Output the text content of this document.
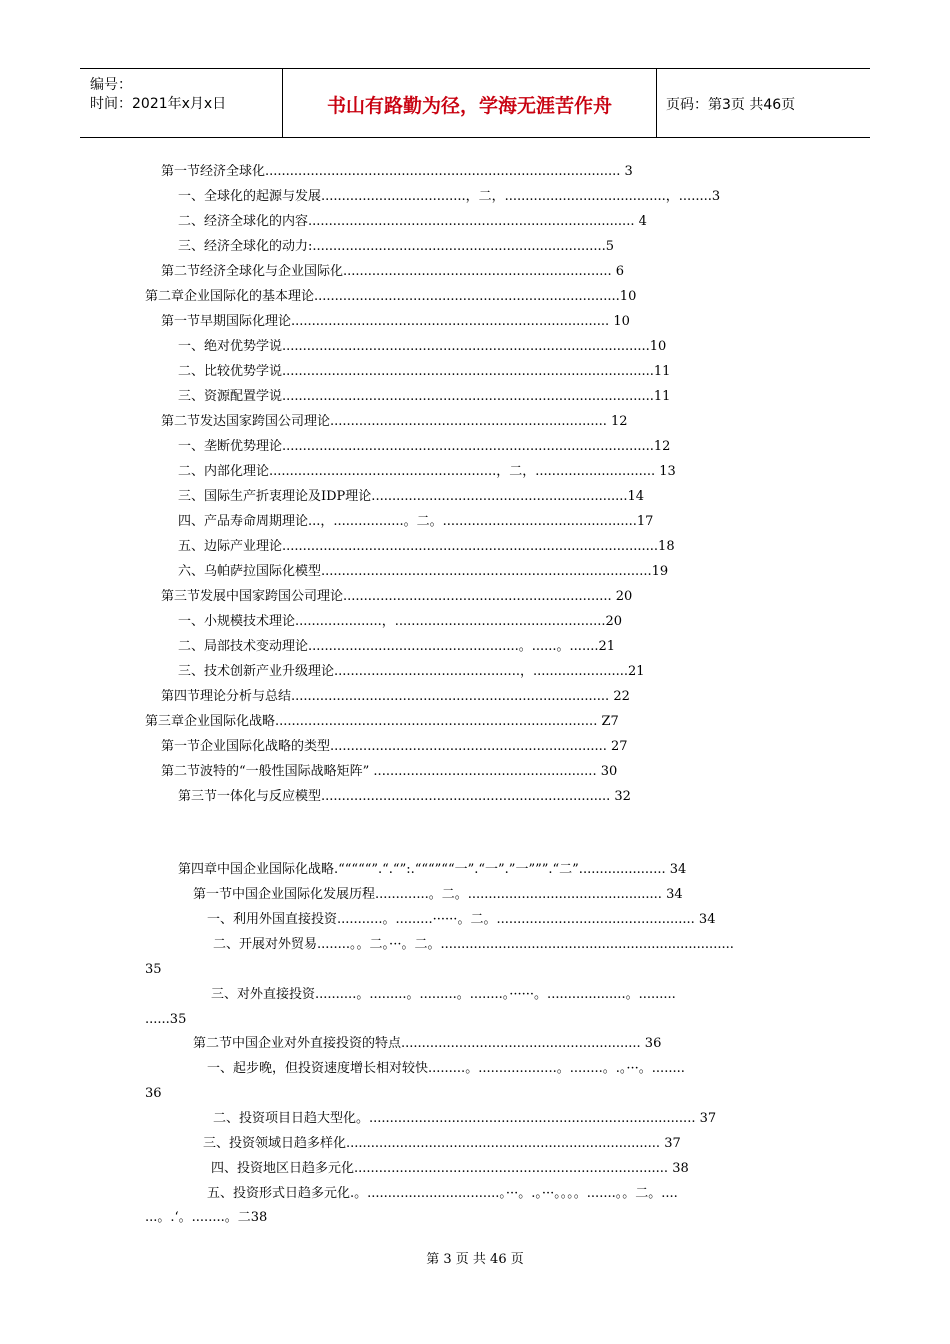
编号：
时间：2021年x月x日	书山有路勤为径，学海无涯苦作舟	页码：第3页 共46页
第一节经济全球化...................................................................................... 3
一、全球化的起源与发展...................................，二，.......................................，........3
二、经济全球化的内容............................................................................... 4
三、经济全球化的动力:.......................................................................5
第二节经济全球化与企业国际化................................................................. 6
第二章企业国际化的基本理论..........................................................................10
第一节早期国际化理论............................................................................. 10
一、绝对优势学说.........................................................................................10
二、比较优势学说..........................................................................................11
三、资源配置学说..........................................................................................11
第二节发达国家跨国公司理论................................................................... 12
一、垄断优势理论..........................................................................................12
二、内部化理论.......................................................，二，............................. 13
三、国际生产折衷理论及IDP理论..............................................................14
四、产品寿命周期理论...，.................。二。...............................................17
五、边际产业理论...........................................................................................18
六、乌帕萨拉国际化模型................................................................................19
第三节发展中国家跨国公司理论................................................................. 20
一、小规模技术理论.....................，...................................................20
二、局部技术变动理论...................................................。......。.......21
三、技术创新产业升级理论.............................................，.......................21
第四节理论分析与总结............................................................................. 22
第三章企业国际化战略.............................................................................. Z7
第一节企业国际化战略的类型................................................................... 27
第二节波特的“一般性国际战略矩阵” ...................................................... 30
第三节一体化与反应模型...................................................................... 32
第四章中国企业国际化战略.“““““”.“.“”:.“““”““一”.“一”.”一”””.“二”..................... 34
第一节中国企业国际化发展历程.............。二。............................................... 34
一、利用外国直接投资...........。.........······。二。................................................ 34
二、开展对外贸易........。。二。···。二。.......................................................................
35
三、对外直接投资..........。.........。.........。........。······。...................。.........
......35
第二节中国企业对外直接投资的特点.......................................................... 36
一、起步晚，但投资速度增长相对较快.........。...................。........。.。···。........
36
二、投资项目日趋大型化。............................................................................... 37
三、投资领域日趋多样化............................................................................ 37
四、投资地区日趋多元化............................................................................ 38
五、投资形式日趋多元化.。................................。···。.。···。。。。.......。。二。....
...。.‘。........。二38
第 3 页 共 46 页
